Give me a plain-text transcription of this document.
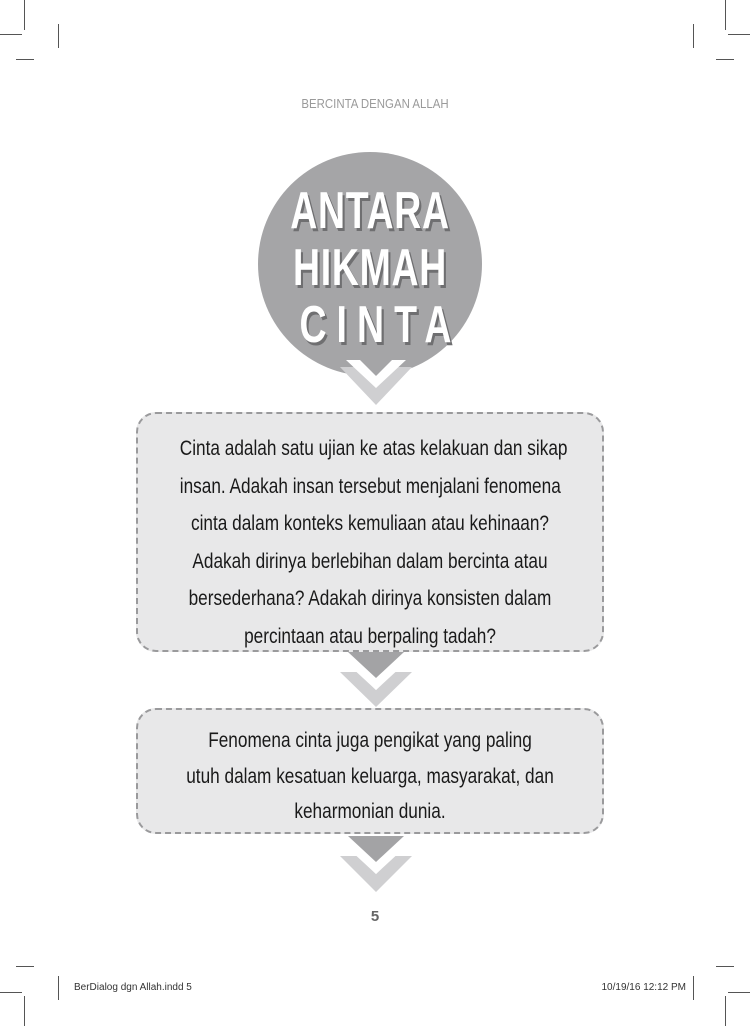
BERCINTA DENGAN ALLAH
ANTARA
HIKMAH
CINTA
Cinta adalah satu ujian ke atas kelakuan dan sikap
insan. Adakah insan tersebut menjalani fenomena
cinta dalam konteks kemuliaan atau kehinaan?
Adakah dirinya berlebihan dalam bercinta atau
bersederhana? Adakah dirinya konsisten dalam
percintaan atau berpaling tadah?
Fenomena cinta juga pengikat yang paling
utuh dalam kesatuan keluarga, masyarakat, dan
keharmonian dunia.
5
BerDialog dgn Allah.indd 5	10/19/16 12:12 PM
